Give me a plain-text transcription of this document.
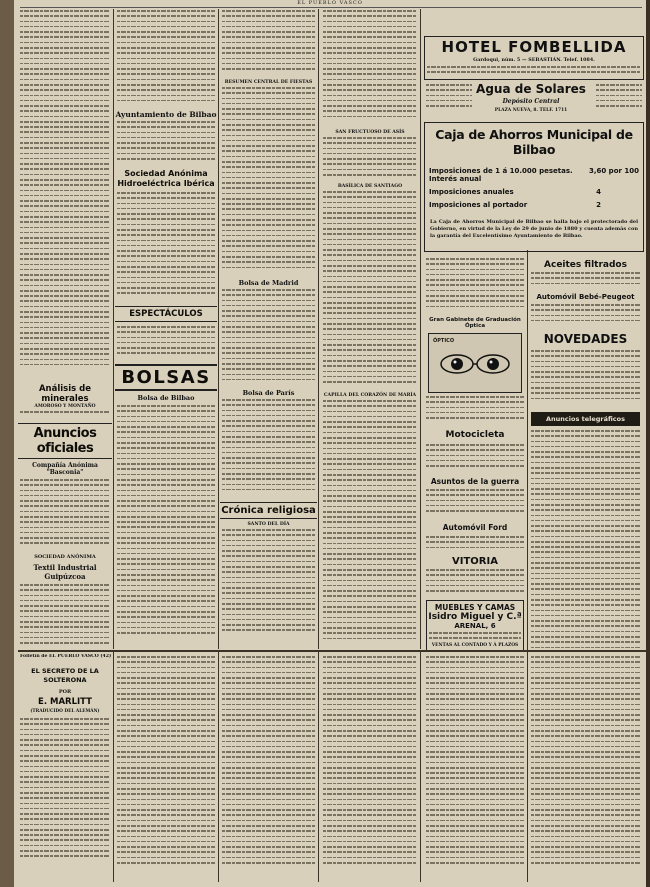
EL PUEBLO VASCO
Análisis de minerales
AMOROSO Y MONTAÑO
Anuncios oficiales
Compañía Anónima "Basconia"
SOCIEDAD ANÓNIMA
Textil Industrial Guipúzcoa
Ayuntamiento de Bilbao
Sociedad Anónima Hidroeléctrica Ibérica
ESPECTÁCULOS
BOLSAS
Bolsa de Bilbao
RESUMEN CENTRAL DE FIESTAS
Bolsa de Madrid
Bolsa de París
Crónica religiosa
SANTO DEL DÍA
SAN FRUCTUOSO DE ASÍS
BASÍLICA DE SANTIAGO
CAPILLA DEL CORAZÓN DE MARÍA
HOTEL FOMBELLIDA
Gardoqui, núm. 5 — SEBASTIÁN. Telef. 1084.
Agua de Solares
Depósito Central
PLAZA NUEVA, 8. TELF. 1711
Caja de Ahorros Municipal de Bilbao
Imposiciones de 1 á 10.000 pesetas. Interés anual
3,60 por 100
Imposiciones anuales	4
Imposiciones al portador	2
La Caja de Ahorros Municipal de Bilbao se halla bajo el protectorado del Gobierno, en virtud de la Ley de 29 de junio de 1880 y cuenta además con la garantía del Excelentísimo Ayuntamiento de Bilbao.
Gran Gabinete de Graduación Óptica
ÓPTICO
Motocicleta
Asuntos de la guerra
Automóvil Ford
VITORIA
MUEBLES Y CAMAS
Isidro Miguel y C.ª
ARENAL, 6
VENTAS AL CONTADO Y Á PLAZOS
Aceites filtrados
Automóvil Bebé-Peugeot
NOVEDADES
Anuncios telegráficos
Folletín de EL PUEBLO VASCO (42)
EL SECRETO DE LA SOLTERONA
POR
E. MARLITT
(TRADUCIDO DEL ALEMÁN)
